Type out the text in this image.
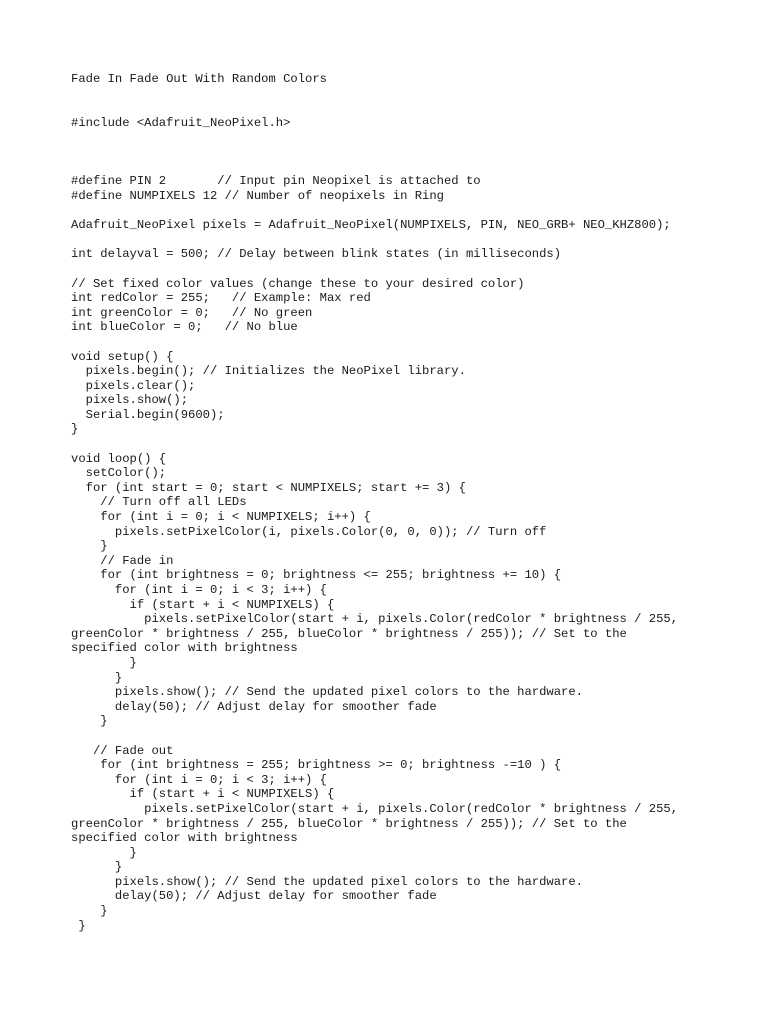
Fade In Fade Out With Random Colors

#include <Adafruit_NeoPixel.h>
#define PIN 2       // Input pin Neopixel is attached to
#define NUMPIXELS 12 // Number of neopixels in Ring
Adafruit_NeoPixel pixels = Adafruit_NeoPixel(NUMPIXELS, PIN, NEO_GRB+ NEO_KHZ800);
int delayval = 500; // Delay between blink states (in milliseconds)
// Set fixed color values (change these to your desired color)
int redColor = 255;   // Example: Max red
int greenColor = 0;   // No green
int blueColor = 0;   // No blue
void setup() {
pixels.begin(); // Initializes the NeoPixel library.
pixels.clear();
pixels.show();
Serial.begin(9600);
}
void loop() {
setColor();
for (int start = 0; start < NUMPIXELS; start += 3) {
// Turn off all LEDs
for (int i = 0; i < NUMPIXELS; i++) {
pixels.setPixelColor(i, pixels.Color(0, 0, 0)); // Turn off
}
// Fade in
for (int brightness = 0; brightness <= 255; brightness += 10) {
for (int i = 0; i < 3; i++) {
if (start + i < NUMPIXELS) {
pixels.setPixelColor(start + i, pixels.Color(redColor * brightness / 255,
greenColor * brightness / 255, blueColor * brightness / 255)); // Set to the
specified color with brightness
}
}
pixels.show(); // Send the updated pixel colors to the hardware.
delay(50); // Adjust delay for smoother fade
}
// Fade out
for (int brightness = 255; brightness >= 0; brightness -=10 ) {
for (int i = 0; i < 3; i++) {
if (start + i < NUMPIXELS) {
pixels.setPixelColor(start + i, pixels.Color(redColor * brightness / 255,
greenColor * brightness / 255, blueColor * brightness / 255)); // Set to the
specified color with brightness
}
}
pixels.show(); // Send the updated pixel colors to the hardware.
delay(50); // Adjust delay for smoother fade
}
}
